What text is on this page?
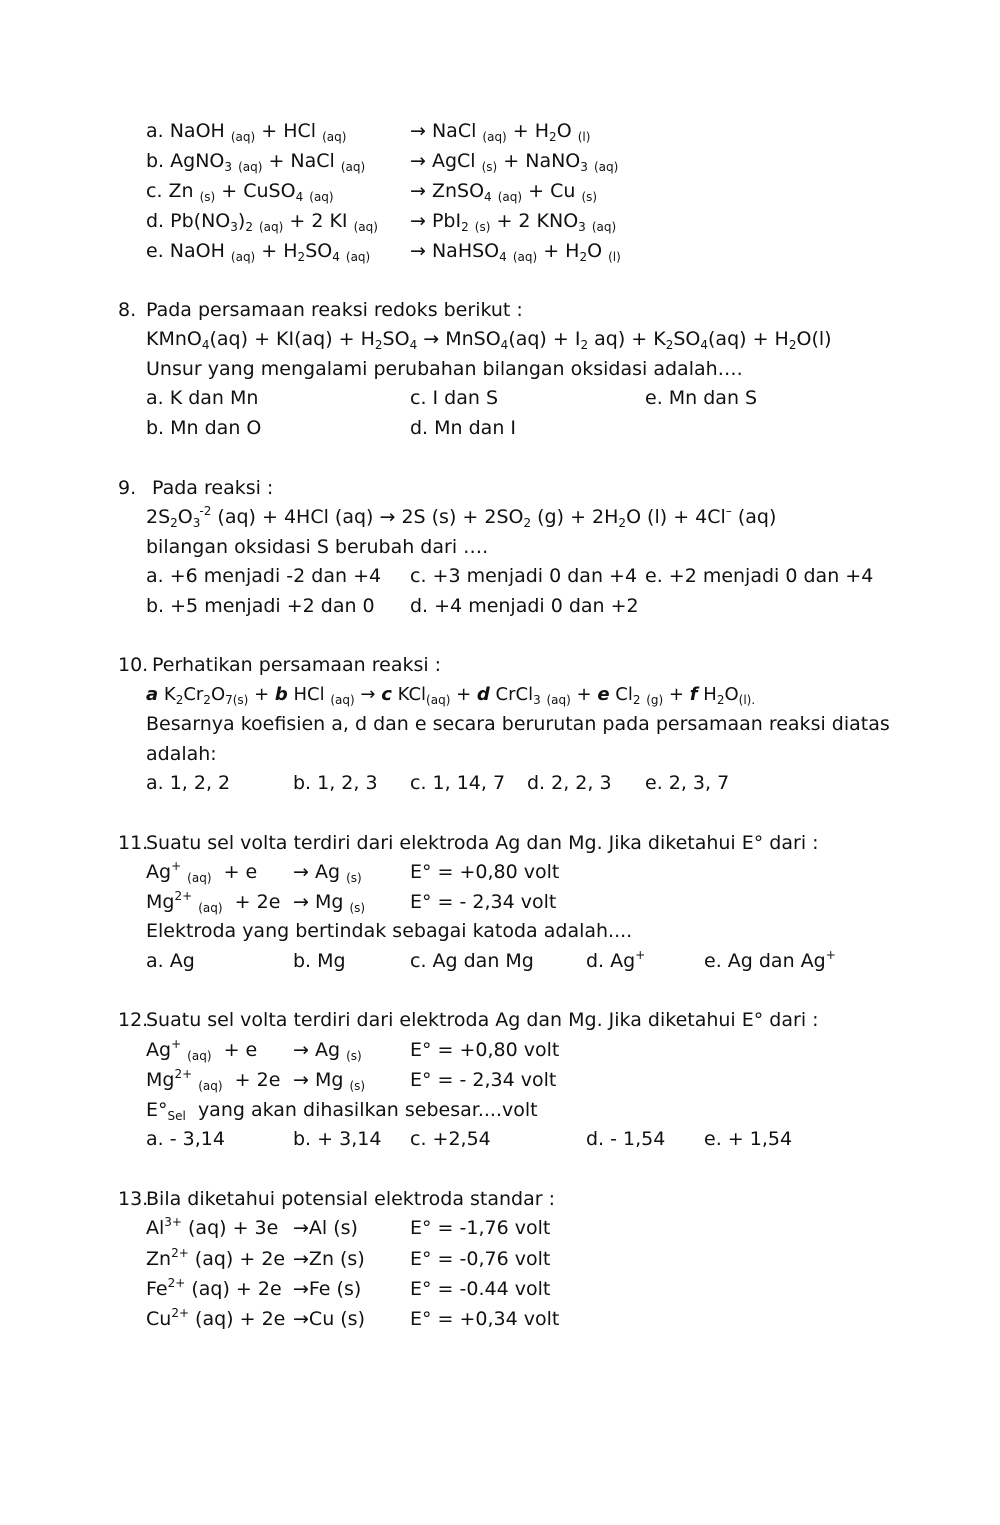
a. NaOH $_{(aq)}$ + HCl $_{(aq)}$	→ NaCl $_{(aq)} + H_2O$ $_{(l)}$
b. AgNO$_3$ $_{(aq)}$ + NaCl $_{(aq)}$ → AgCl $_{(s)}$ + NaNO$_3$ $_{(aq)}$
c. Zn $_{(s)}$ + CuSO$_4$ $_{(aq)}$	→ ZnSO$_4$ $_{(aq)}$ + Cu $_{(s)}$
d. $Pb(NO_3)_2$ $_{(aq)}$ + 2 KI $_{(aq)}$ → PbI$_2$ $_{(s)}$ + 2 $KNO_3$ $_{(aq)}$
e. NaOH $_{(aq)} + H_2SO_4$ $_{(aq)}$ → NaHSO$_4$ $_{(aq)} + H_2O$ $_{(l)}$
8. Pada persamaan reaksi redoks berikut :
KMnO$_4$(aq) + $KI(aq) + H_2SO_4$ → MnSO$_4$(aq) + $I_2$ $aq) + K_2SO_4(aq) + H_2O(l)$
Unsur yang mengalami perubahan bilangan oksidasi adalah….
a. K dan Mn
b. Mn dan O
c. I dan S
d. Mn dan I
e. Mn dan S
9. Pada reaksi :
$2S_2O_3^{-2}$ (aq) + 4HCl (aq) → 2S $(s) + 2SO_2$ $(g) + 2H_2O$ (l) + 4Cl– (aq)
bilangan oksidasi S berubah dari ….
a. +6 menjadi -2 dan +4
b. +5 menjadi +2 dan 0
c. +3 menjadi 0 dan +4
d. +4 menjadi 0 dan +2
e. +2 menjadi 0 dan +4
10. Perhatikan persamaan reaksi :
a $K_2Cr_2O_{7(s)} + b$ HCl $_{(aq)}$ → c KCl$_{(aq)}$ + d CrCl$_3$ $_{(aq)}$ + e $Cl_2$ $_{(g)}$ + f $H_2O_{(l).}$
Besarnya koefisien a, d dan e secara berurutan pada persamaan reaksi diatas
adalah:
a. 1, 2, 2	b. 1, 2, 3 c. 1, 14, 7 d. 2, 2, 3 e. 2, 3, 7
11.
Suatu sel volta terdiri dari elektroda Ag dan Mg. Jika diketahui E° dari :
Ag+ $_{(aq)}$  + e → Ag $_{(s)}$	E° = +0,80 volt
$Mg^{2+}$ $_{(aq)}$  + 2e → Mg $_{(s)}$ E° = - 2,34 volt
Elektroda yang bertindak sebagai katoda adalah....
a. Ag	b. Mg	c. Ag dan Mg	d. Ag+	e. Ag dan Ag+
12.
Suatu sel volta terdiri dari elektroda Ag dan Mg. Jika diketahui E° dari :
Ag+ $_{(aq)}$  + e → Ag $_{(s)}$	E° = +0,80 volt
$Mg^{2+}$ $_{(aq)}$  + 2e → Mg $_{(s)}$ E° = - 2,34 volt
$E^\circ_{Sel}$  yang akan dihasilkan sebesar....volt
a. - 3,14	b. + 3,14 c. +2,54	d. - 1,54 e. + 1,54
13.
Bila diketahui potensial elektroda standar :
$Al^{3+}$ (aq) + 3e →Al (s)	E° = -1,76 volt
$Zn^{2+}$ (aq) + 2e →Zn (s) E° = -0,76 volt
$Fe^{2+}$ (aq) + 2e →Fe (s)	E° = -0.44 volt
$Cu^{2+}$ (aq) + 2e →Cu (s) E° = +0,34 volt
